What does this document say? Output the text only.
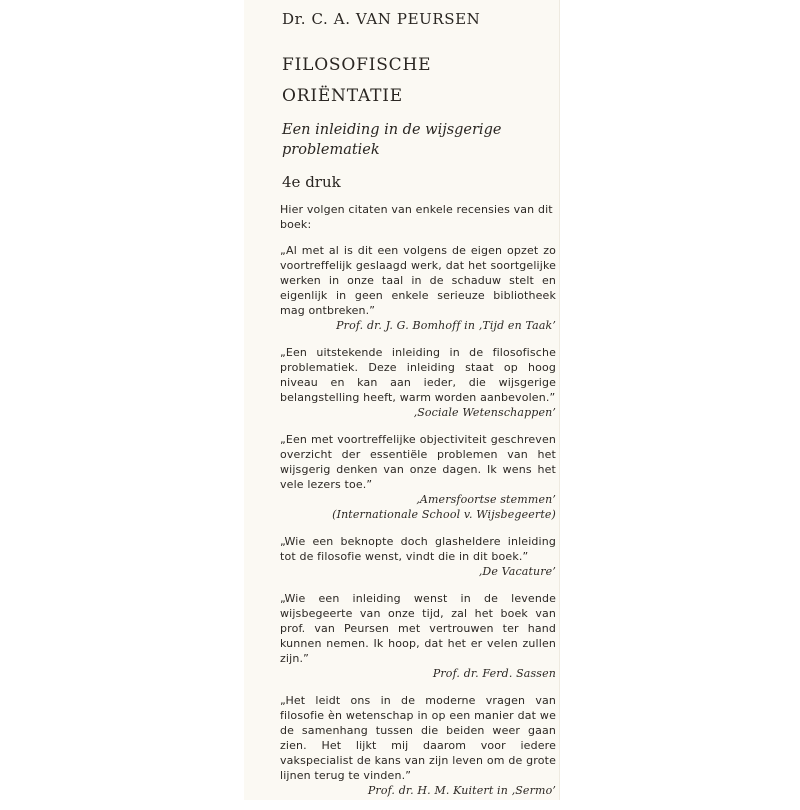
Dr. C. A. VAN PEURSEN
FILOSOFISCHE
ORIËNTATIE
Een inleiding in de wijsgerige
problematiek
4e druk

Hier volgen citaten van enkele recensies van dit boek:

„Al met al is dit een volgens de eigen opzet zo voortreffelijk geslaagd werk, dat het soortgelijke werken in onze taal in de schaduw stelt en eigenlijk in geen enkele serieuze bibliotheek mag ontbreken.”

Prof. dr. J. G. Bomhoff in ‚Tijd en Taak’

„Een uitstekende inleiding in de filosofische problematiek. Deze inleiding staat op hoog niveau en kan aan ieder, die wijsgerige belangstelling heeft, warm worden aanbevolen.”

‚Sociale Wetenschappen’

„Een met voortreffelijke objectiviteit geschreven overzicht der essentiële problemen van het wijsgerig denken van onze dagen. Ik wens het vele lezers toe.”

‚Amersfoortse stemmen’

(Internationale School v. Wijsbegeerte)

„Wie een beknopte doch glasheldere inleiding tot de filosofie wenst, vindt die in dit boek.”

‚De Vacature’

„Wie een inleiding wenst in de levende wijsbegeerte van onze tijd, zal het boek van prof. van Peursen met vertrouwen ter hand kunnen nemen. Ik hoop, dat het er velen zullen zijn.”

Prof. dr. Ferd. Sassen

„Het leidt ons in de moderne vragen van filosofie èn wetenschap in op een manier dat we de samenhang tussen die beiden weer gaan zien. Het lijkt mij daarom voor iedere vakspecialist de kans van zijn leven om de grote lijnen terug te vinden.”

Prof. dr. H. M. Kuitert in ‚Sermo’
